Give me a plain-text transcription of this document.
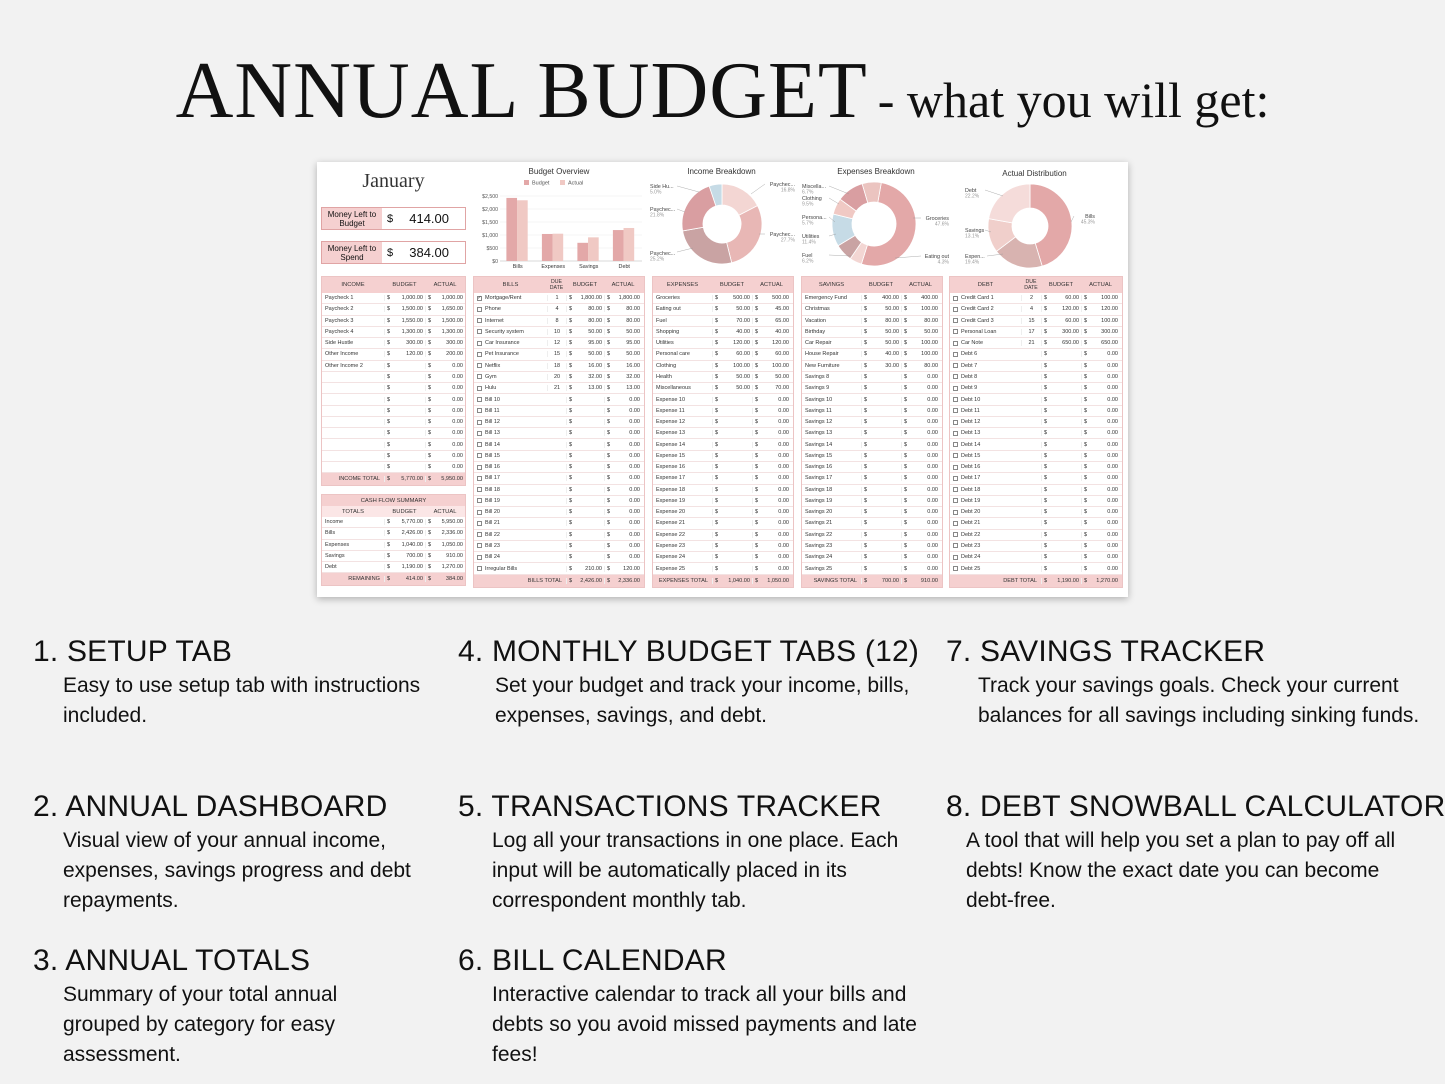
ANNUAL BUDGET - what you will get:
January
Money Left to Budget	$	414.00
Money Left to Spend	$	384.00
Budget Overview	Income Breakdown	Expenses Breakdown	Actual Distribution
Budget	Actual
$2,500
$2,000
$1,500
$1,000
$500
$0
Bills	Expenses	Savings	Debt
Side Hu...
5.0%
Paychec...
21.8%
Paychec...
25.2%
Paychec...
16.8%
Paychec...
27.7%
Miscella...
6.7%
Clothing
9.5%
Persona...
5.7%
Utilities
11.4%
Fuel
6.2%
Groceries
47.6%
Eating out
4.3%
Debt
22.2%
Savings
13.1%
Expen...
19.4%
Bills
45.3%
INCOME	BUDGET	ACTUAL
Paycheck 1	$ 1,000.00 $ 1,000.00
Paycheck 2	$ 1,500.00 $ 1,650.00
Paycheck 3	$ 1,550.00 $ 1,500.00
Paycheck 4	$ 1,300.00 $ 1,300.00
Side Hustle	$	300.00 $	300.00
Other Income	$	120.00 $	200.00
Other Income 2	$	$	0.00
$	$	0.00
$	$	0.00
$	$	0.00
$	$	0.00
$	$	0.00
$	$	0.00
$	$	0.00
$	$	0.00
$	$	0.00
INCOME TOTAL	$ 5,770.00 $ 5,950.00
CASH FLOW SUMMARY
TOTALS	BUDGET	ACTUAL
Income	$ 5,770.00 $ 5,950.00
Bills	$ 2,426.00 $ 2,336.00
Expenses	$ 1,040.00 $ 1,050.00
Savings	$	700.00 $	910.00
Debt	$ 1,190.00 $ 1,270.00
REMAINING	$	414.00 $	384.00
BILLS	DUE DATE	BUDGET	ACTUAL
✓ Mortgage/Rent	1	$ 1,800.00 $ 1,800.00
Phone	4	$	80.00 $	80.00
Internet	8	$	80.00 $	80.00
Security system	10	$	50.00 $	50.00
Car Insurance	12	$	95.00 $	95.00
Pet Insurance	15	$	50.00 $	50.00
Netflix	18	$	16.00 $	16.00
Gym	20	$	32.00 $	32.00
Hulu	21	$	13.00 $	13.00
Bill 10	$	$	0.00
Bill 11	$	$	0.00
Bill 12	$	$	0.00
Bill 13	$	$	0.00
Bill 14	$	$	0.00
Bill 15	$	$	0.00
Bill 16	$	$	0.00
Bill 17	$	$	0.00
Bill 18	$	$	0.00
Bill 19	$	$	0.00
Bill 20	$	$	0.00
Bill 21	$	$	0.00
Bill 22	$	$	0.00
Bill 23	$	$	0.00
Bill 24	$	$	0.00
Irregular Bills	$ 210.00 $ 120.00
BILLS TOTAL	$ 2,426.00 $ 2,336.00
EXPENSES	BUDGET	ACTUAL
Groceries	$	500.00 $	500.00
Eating out	$	50.00 $	45.00
Fuel	$	70.00 $	65.00
Shopping	$	40.00 $	40.00
Utilities	$	120.00 $	120.00
Personal care	$	60.00 $	60.00
Clothing	$	100.00 $	100.00
Health	$	50.00 $	50.00
Miscellaneous	$	50.00 $	70.00
Expense 10	$	$	0.00
Expense 11	$	$	0.00
Expense 12	$	$	0.00
Expense 13	$	$	0.00
Expense 14	$	$	0.00
Expense 15	$	$	0.00
Expense 16	$	$	0.00
Expense 17	$	$	0.00
Expense 18	$	$	0.00
Expense 19	$	$	0.00
Expense 20	$	$	0.00
Expense 21	$	$	0.00
Expense 22	$	$	0.00
Expense 23	$	$	0.00
Expense 24	$	$	0.00
Expense 25	$	$	0.00
EXPENSES TOTAL	$ 1,040.00 $ 1,050.00
SAVINGS	BUDGET	ACTUAL
Emergency Fund	$	400.00 $	400.00
Christmas	$	50.00 $	100.00
Vacation	$	80.00 $	80.00
Birthday	$	50.00 $	50.00
Car Repair	$	50.00 $	100.00
House Repair	$	40.00 $	100.00
New Furniture	$	30.00 $	80.00
Savings 8	$	$	0.00
Savings 9	$	$	0.00
Savings 10	$	$	0.00
Savings 11	$	$	0.00
Savings 12	$	$	0.00
Savings 13	$	$	0.00
Savings 14	$	$	0.00
Savings 15	$	$	0.00
Savings 16	$	$	0.00
Savings 17	$	$	0.00
Savings 18	$	$	0.00
Savings 19	$	$	0.00
Savings 20	$	$	0.00
Savings 21	$	$	0.00
Savings 22	$	$	0.00
Savings 23	$	$	0.00
Savings 24	$	$	0.00
Savings 25	$	$	0.00
SAVINGS TOTAL	$	700.00 $ 910.00
DEBT	DUE DATE	BUDGET	ACTUAL
Credit Card 1	2	$	60.00 $	100.00
Credit Card 2	4	$	120.00 $	120.00
Credit Card 3	15	$	60.00 $	100.00
Personal Loan	17	$	300.00 $	300.00
Car Note	21	$	650.00 $	650.00
Debt 6	$	$	0.00
Debt 7	$	$	0.00
Debt 8	$	$	0.00
Debt 9	$	$	0.00
Debt 10	$	$	0.00
Debt 11	$	$	0.00
Debt 12	$	$	0.00
Debt 13	$	$	0.00
Debt 14	$	$	0.00
Debt 15	$	$	0.00
Debt 16	$	$	0.00
Debt 17	$	$	0.00
Debt 18	$	$	0.00
Debt 19	$	$	0.00
Debt 20	$	$	0.00
Debt 21	$	$	0.00
Debt 22	$	$	0.00
Debt 23	$	$	0.00
Debt 24	$	$	0.00
Debt 25	$	$	0.00
DEBT TOTAL	$ 1,190.00 $ 1,270.00
1. SETUP TAB

Easy to use setup tab with instructions included.

2. ANNUAL DASHBOARD

Visual view of your annual income, expenses, savings progress and debt repayments.

3. ANNUAL TOTALS

Summary of your total annual grouped by category for easy assessment.

4. MONTHLY BUDGET TABS (12)

Set your budget and track your income, bills, expenses, savings, and debt.

5. TRANSACTIONS TRACKER

Log all your transactions in one place. Each input will be automatically placed in its correspondent monthly tab.

6. BILL CALENDAR

Interactive calendar to track all your bills and debts so you avoid missed payments and late fees!

7. SAVINGS TRACKER

Track your savings goals. Check your current balances for all savings including sinking funds.

8. DEBT SNOWBALL CALCULATOR

A tool that will help you set a plan to pay off all debts! Know the exact date you can become debt-free.
